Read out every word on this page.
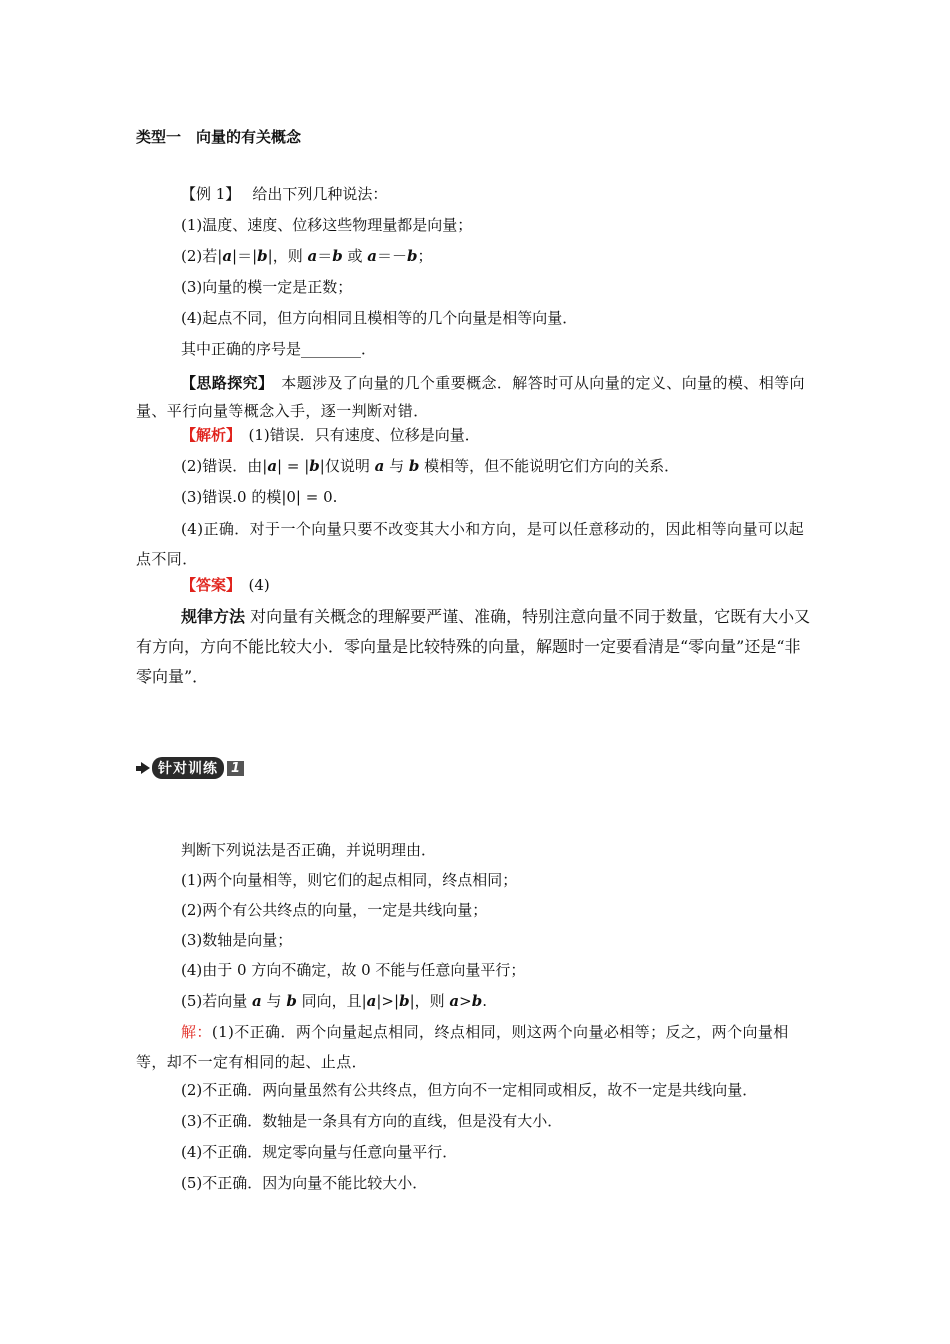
类型一　向量的有关概念
【例 1】 给出下列几种说法：
(1)温度、速度、位移这些物理量都是向量；
(2)若|a|＝|b|，则 a＝b 或 a＝－b；
(3)向量的模一定是正数；
(4)起点不同，但方向相同且模相等的几个向量是相等向量．
其中正确的序号是________．
【思路探究】　本题涉及了向量的几个重要概念．解答时可从向量的定义、向量的模、相等向量、平行向量等概念入手，逐一判断对错．
【解析】　(1)错误．只有速度、位移是向量．
(2)错误．由|a| = |b|仅说明 a 与 b 模相等，但不能说明它们方向的关系．
(3)错误.0 的模|0| = 0.
(4)正确．对于一个向量只要不改变其大小和方向，是可以任意移动的，因此相等向量可以起点不同．
【答案】　(4)
规律方法 对向量有关概念的理解要严谨、准确，特别注意向量不同于数量，它既有大小又有方向，方向不能比较大小．零向量是比较特殊的向量，解题时一定要看清是“零向量”还是“非零向量”．
针对训练	1
判断下列说法是否正确，并说明理由．
(1)两个向量相等，则它们的起点相同，终点相同；
(2)两个有公共终点的向量，一定是共线向量；
(3)数轴是向量；
(4)由于 0 方向不确定，故 0 不能与任意向量平行；
(5)若向量 a 与 b 同向，且|a|>|b|，则 a>b.
解：(1)不正确．两个向量起点相同，终点相同，则这两个向量必相等；反之，两个向量相等，却不一定有相同的起、止点．
(2)不正确．两向量虽然有公共终点，但方向不一定相同或相反，故不一定是共线向量．
(3)不正确．数轴是一条具有方向的直线，但是没有大小．
(4)不正确．规定零向量与任意向量平行．
(5)不正确．因为向量不能比较大小．
